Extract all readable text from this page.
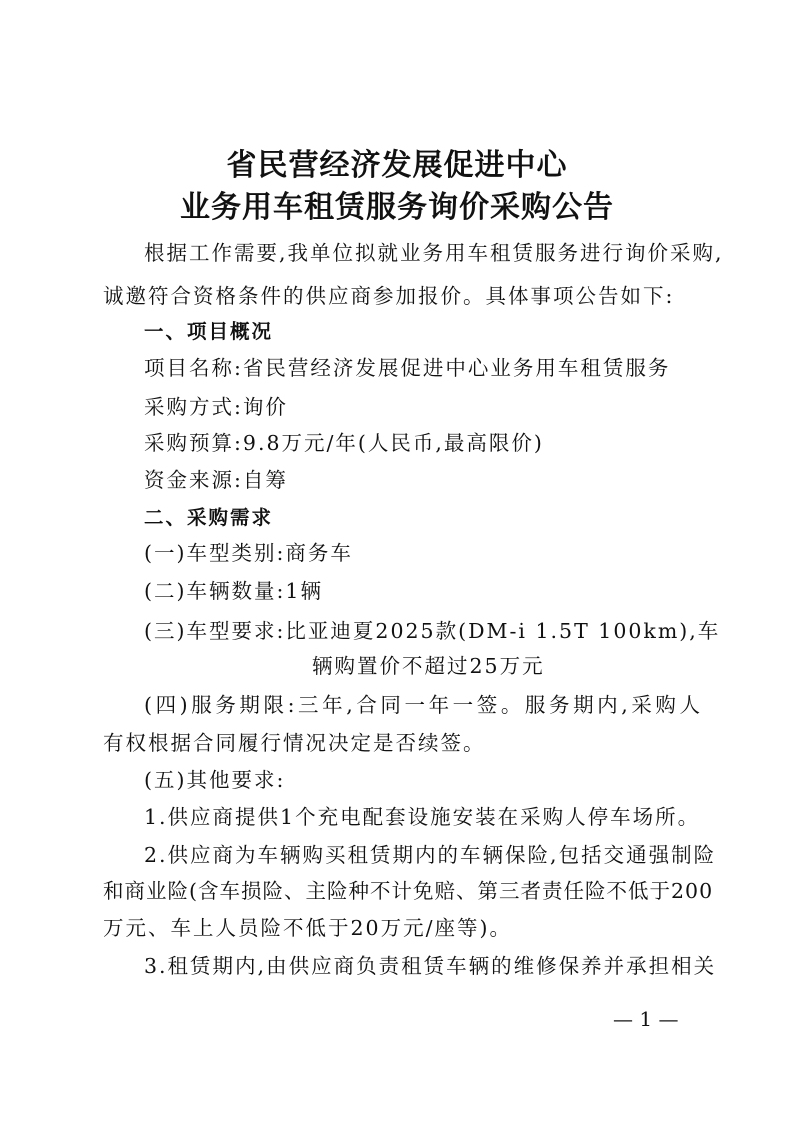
省民营经济发展促进中心
业务用车租赁服务询价采购公告
根据工作需要,我单位拟就业务用车租赁服务进行询价采购,
诚邀符合资格条件的供应商参加报价。具体事项公告如下:
一、项目概况
项目名称:省民营经济发展促进中心业务用车租赁服务
采购方式:询价
采购预算:9.8万元/年(人民币,最高限价)
资金来源:自筹
二、采购需求
(一)车型类别:商务车
(二)车辆数量:1辆
(三)车型要求:比亚迪夏2025款(DM-i 1.5T 100km),车
辆购置价不超过25万元
(四)服务期限:三年,合同一年一签。服务期内,采购人
有权根据合同履行情况决定是否续签。
(五)其他要求:
1.供应商提供1个充电配套设施安装在采购人停车场所。
2.供应商为车辆购买租赁期内的车辆保险,包括交通强制险
和商业险(含车损险、主险种不计免赔、第三者责任险不低于200
万元、车上人员险不低于20万元/座等)。
3.租赁期内,由供应商负责租赁车辆的维修保养并承担相关
— 1 —
